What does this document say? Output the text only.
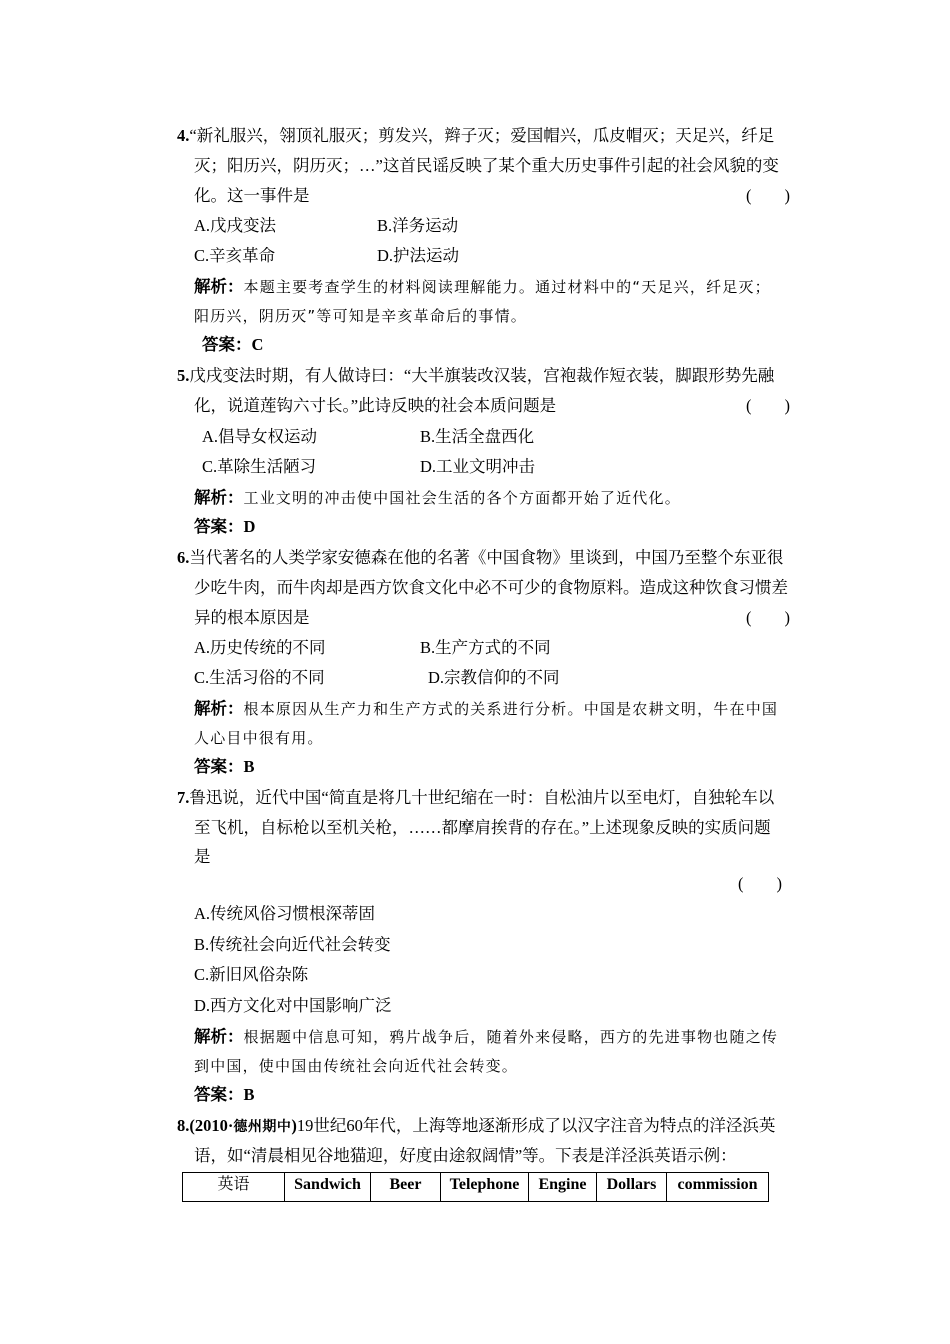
4.“新礼服兴，翎顶礼服灭；剪发兴，辫子灭；爱国帽兴，瓜皮帽灭；天足兴，纤足
灭；阳历兴，阴历灭；…”这首民谣反映了某个重大历史事件引起的社会风貌的变
化。这一事件是	(　　)
A.戊戌变法	B.洋务运动
C.辛亥革命	D.护法运动
解析：本题主要考查学生的材料阅读理解能力。通过材料中的“天足兴，纤足灭；
阳历兴，阴历灭”等可知是辛亥革命后的事情。
答案：C
5.戊戌变法时期，有人做诗曰：“大半旗装改汉装，宫袍裁作短衣装，脚跟形势先融
化，说道莲钩六寸长。”此诗反映的社会本质问题是	(　　)
A.倡导女权运动	B.生活全盘西化
C.革除生活陋习	D.工业文明冲击
解析：工业文明的冲击使中国社会生活的各个方面都开始了近代化。
答案：D
6.当代著名的人类学家安德森在他的名著《中国食物》里谈到，中国乃至整个东亚很
少吃牛肉，而牛肉却是西方饮食文化中必不可少的食物原料。造成这种饮食习惯差
异的根本原因是	(　　)
A.历史传统的不同	B.生产方式的不同
C.生活习俗的不同	D.宗教信仰的不同
解析：根本原因从生产力和生产方式的关系进行分析。中国是农耕文明，牛在中国
人心目中很有用。
答案：B
7.鲁迅说，近代中国“简直是将几十世纪缩在一时：自松油片以至电灯，自独轮车以
至飞机，自标枪以至机关枪，……都摩肩挨背的存在。”上述现象反映的实质问题
是
(　　)
A.传统风俗习惯根深蒂固
B.传统社会向近代社会转变
C.新旧风俗杂陈
D.西方文化对中国影响广泛
解析：根据题中信息可知，鸦片战争后，随着外来侵略，西方的先进事物也随之传
到中国，使中国由传统社会向近代社会转变。
答案：B
8.(2010·德州期中)19世纪60年代，上海等地逐渐形成了以汉字注音为特点的洋泾浜英
语，如“清晨相见谷地猫迎，好度由途叙阔情”等。下表是洋泾浜英语示例：
英语	Sandwich	Beer	Telephone	Engine	Dollars	commission
